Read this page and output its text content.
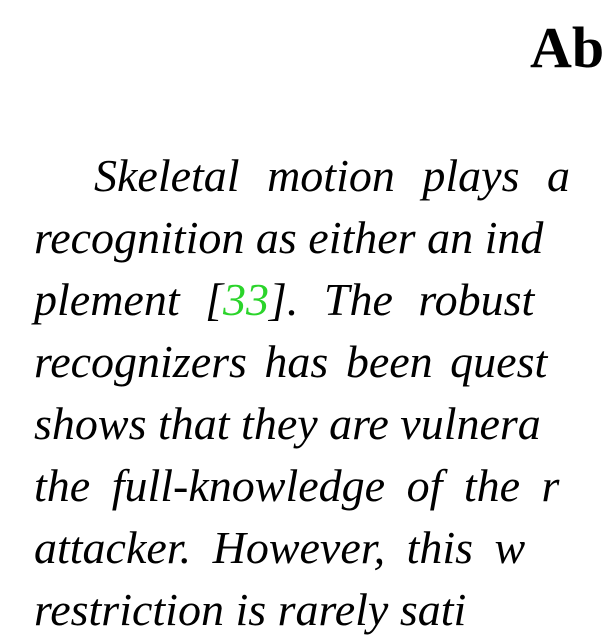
Ab

Skeletal motion plays a

recognition as either an ind

plement [33]. The robust

recognizers has been quest

shows that they are vulnera

the full-knowledge of the r

attacker. However, this w

restriction is rarely sati
